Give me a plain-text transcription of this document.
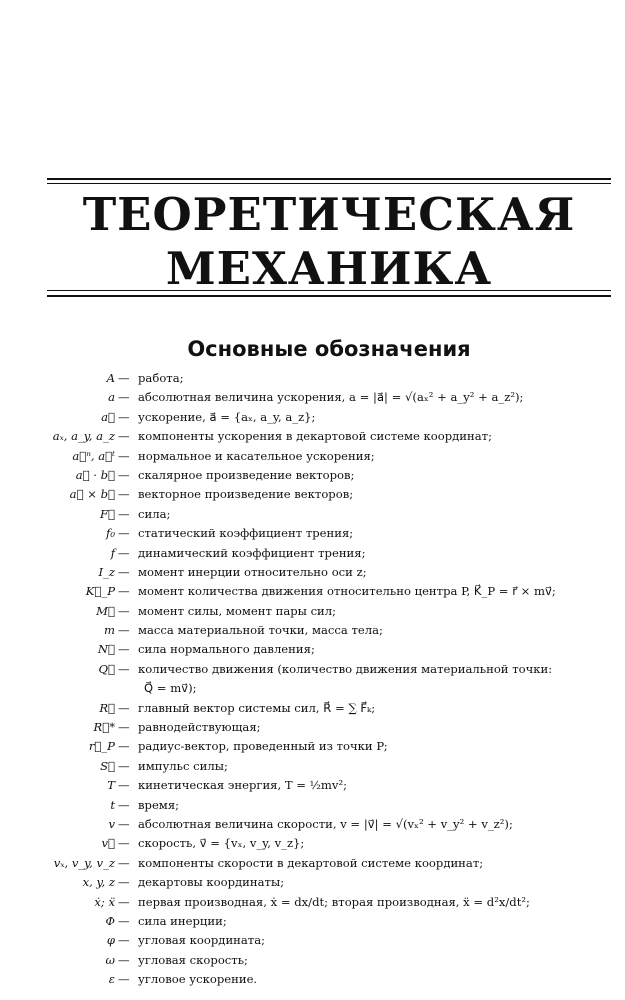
ТЕОРЕТИЧЕСКАЯ
МЕХАНИКА
Основные обозначения
A — работа;
a — абсолютная величина ускорения, a = |a⃗| = √(aₓ² + a_y² + a_z²);
a⃗ — ускорение, a⃗ = {aₓ, a_y, a_z};
aₓ, a_y, a_z — компоненты ускорения в декартовой системе координат;
a⃗ⁿ, a⃗ᵗ — нормальное и касательное ускорения;
a⃗ · b⃗ — скалярное произведение векторов;
a⃗ × b⃗ — векторное произведение векторов;
F⃗ — сила;
f₀ — статический коэффициент трения;
f — динамический коэффициент трения;
I_z — момент инерции относительно оси z;
K⃗_P — момент количества движения относительно центра P, K⃗_P = r⃗ × mv⃗;
M⃗ — момент силы, момент пары сил;
m — масса материальной точки, масса тела;
N⃗ — сила нормального давления;
Q⃗ — количество движения (количество движения материальной точки:
Q⃗ = mv⃗);
R⃗ — главный вектор системы сил, R⃗ = ∑ F⃗ₖ;
R⃗* — равнодействующая;
r⃗_P — радиус-вектор, проведенный из точки P;
S⃗ — импульс силы;
T — кинетическая энергия, T = ½mv²;
t — время;
v — абсолютная величина скорости, v = |v⃗| = √(vₓ² + v_y² + v_z²);
v⃗ — скорость, v⃗ = {vₓ, v_y, v_z};
vₓ, v_y, v_z — компоненты скорости в декартовой системе координат;
x, y, z — декартовы координаты;
ẋ; ẍ — первая производная, ẋ = dx/dt; вторая производная, ẍ = d²x/dt²;
Φ — сила инерции;
φ — угловая координата;
ω — угловая скорость;
ε — угловое ускорение.
